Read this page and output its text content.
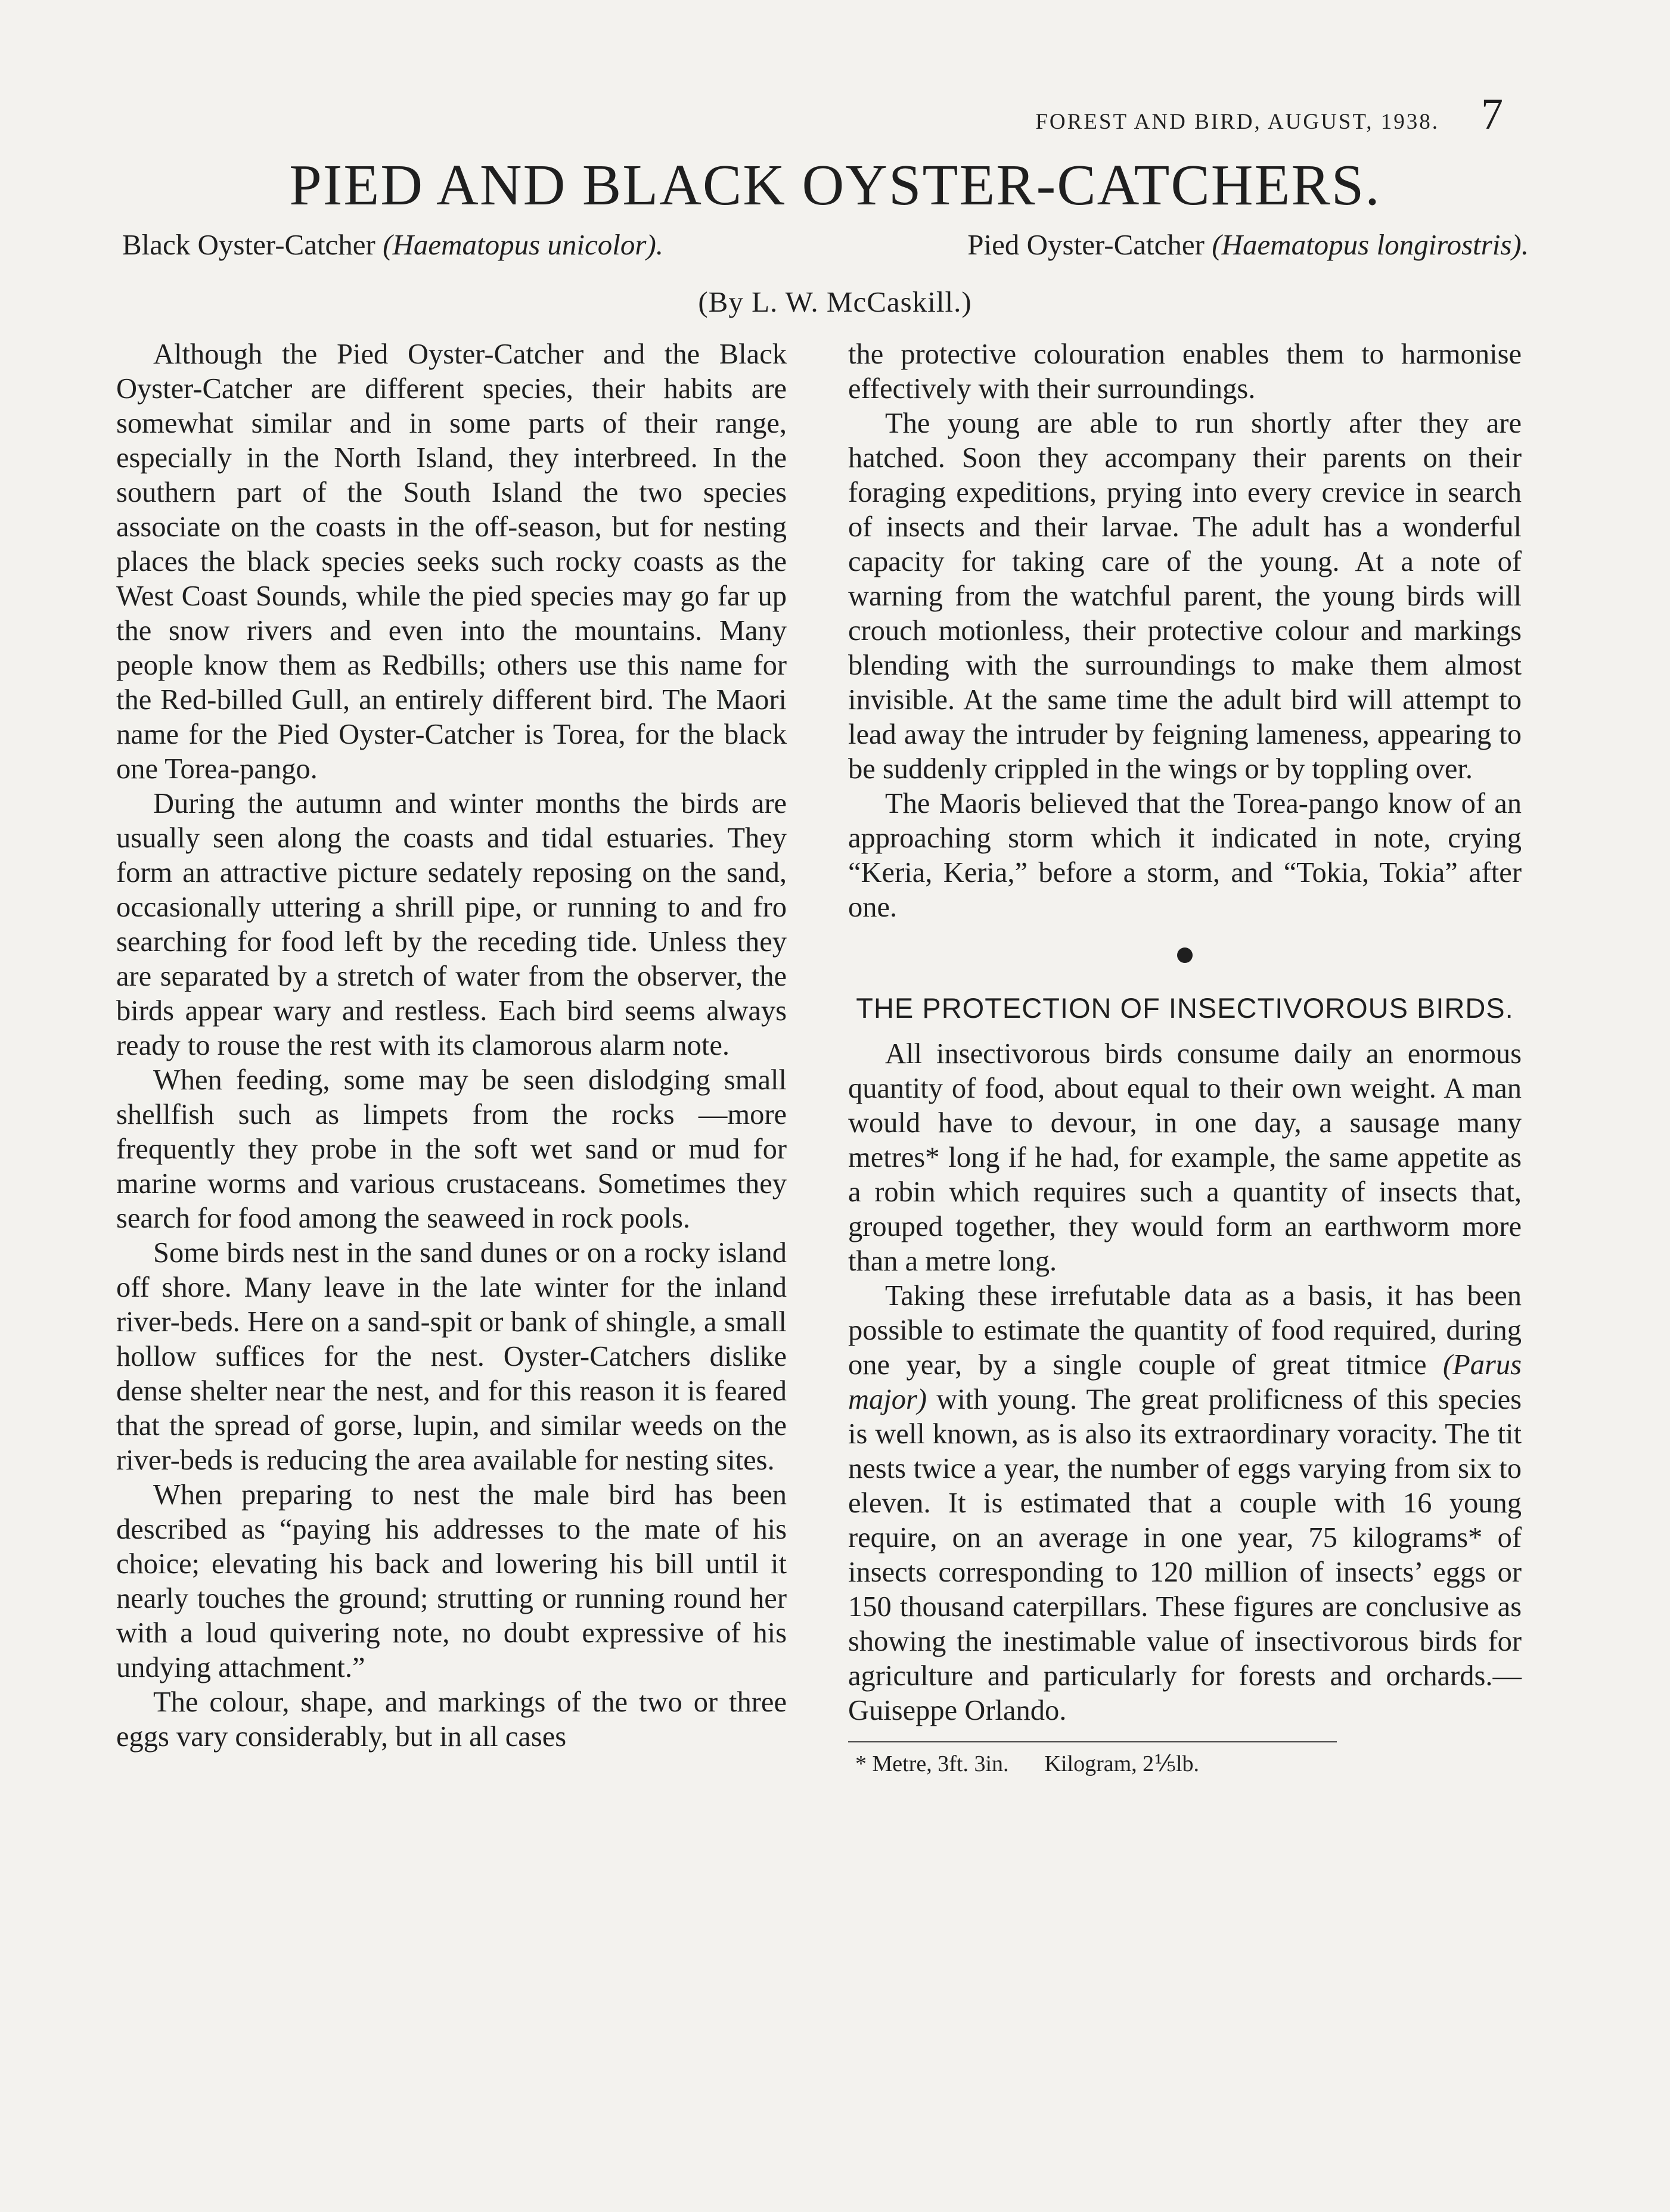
FOREST AND BIRD, AUGUST, 1938. 7
PIED AND BLACK OYSTER-CATCHERS.
Black Oyster-Catcher (Haematopus unicolor).	Pied Oyster-Catcher (Haematopus longirostris).
(By L. W. McCaskill.)

Although the Pied Oyster-Catcher and the Black Oyster-Catcher are different species, their habits are somewhat similar and in some parts of their range, especially in the North Island, they interbreed. In the southern part of the South Island the two species associate on the coasts in the off-season, but for nesting places the black species seeks such rocky coasts as the West Coast Sounds, while the pied species may go far up the snow rivers and even into the mountains. Many people know them as Redbills; others use this name for the Red-billed Gull, an entirely different bird. The Maori name for the Pied Oyster-Catcher is Torea, for the black one Torea-pango.

During the autumn and winter months the birds are usually seen along the coasts and tidal estuaries. They form an attractive picture sedately reposing on the sand, occasionally uttering a shrill pipe, or running to and fro searching for food left by the receding tide. Unless they are separated by a stretch of water from the observer, the birds appear wary and restless. Each bird seems always ready to rouse the rest with its clamorous alarm note.

When feeding, some may be seen dislodging small shellfish such as limpets from the rocks —more frequently they probe in the soft wet sand or mud for marine worms and various crustaceans. Sometimes they search for food among the seaweed in rock pools.

Some birds nest in the sand dunes or on a rocky island off shore. Many leave in the late winter for the inland river-beds. Here on a sand-spit or bank of shingle, a small hollow suffices for the nest. Oyster-Catchers dislike dense shelter near the nest, and for this reason it is feared that the spread of gorse, lupin, and similar weeds on the river-beds is reducing the area available for nesting sites.

When preparing to nest the male bird has been described as “paying his addresses to the mate of his choice; elevating his back and lowering his bill until it nearly touches the ground; strutting or running round her with a loud quivering note, no doubt expressive of his undying attachment.”

The colour, shape, and markings of the two or three eggs vary considerably, but in all cases

the protective colouration enables them to harmonise effectively with their surroundings.

The young are able to run shortly after they are hatched. Soon they accompany their parents on their foraging expeditions, prying into every crevice in search of insects and their larvae. The adult has a wonderful capacity for taking care of the young. At a note of warning from the watchful parent, the young birds will crouch motionless, their protective colour and markings blending with the surroundings to make them almost invisible. At the same time the adult bird will attempt to lead away the intruder by feigning lameness, appearing to be suddenly crippled in the wings or by toppling over.

The Maoris believed that the Torea-pango know of an approaching storm which it indicated in note, crying “Keria, Keria,” before a storm, and “Tokia, Tokia” after one.

THE PROTECTION OF INSECTIVOROUS BIRDS.

All insectivorous birds consume daily an enormous quantity of food, about equal to their own weight. A man would have to devour, in one day, a sausage many metres* long if he had, for example, the same appetite as a robin which requires such a quantity of insects that, grouped together, they would form an earthworm more than a metre long.

Taking these irrefutable data as a basis, it has been possible to estimate the quantity of food required, during one year, by a single couple of great titmice (Parus major) with young. The great prolificness of this species is well known, as is also its extraordinary voracity. The tit nests twice a year, the number of eggs varying from six to eleven. It is estimated that a couple with 16 young require, on an average in one year, 75 kilograms* of insects corresponding to 120 million of insects’ eggs or 150 thousand caterpillars. These figures are conclusive as showing the inestimable value of insectivorous birds for agriculture and particularly for forests and orchards.—Guiseppe Orlando.

* Metre, 3ft. 3in. Kilogram, 2⅕lb.
